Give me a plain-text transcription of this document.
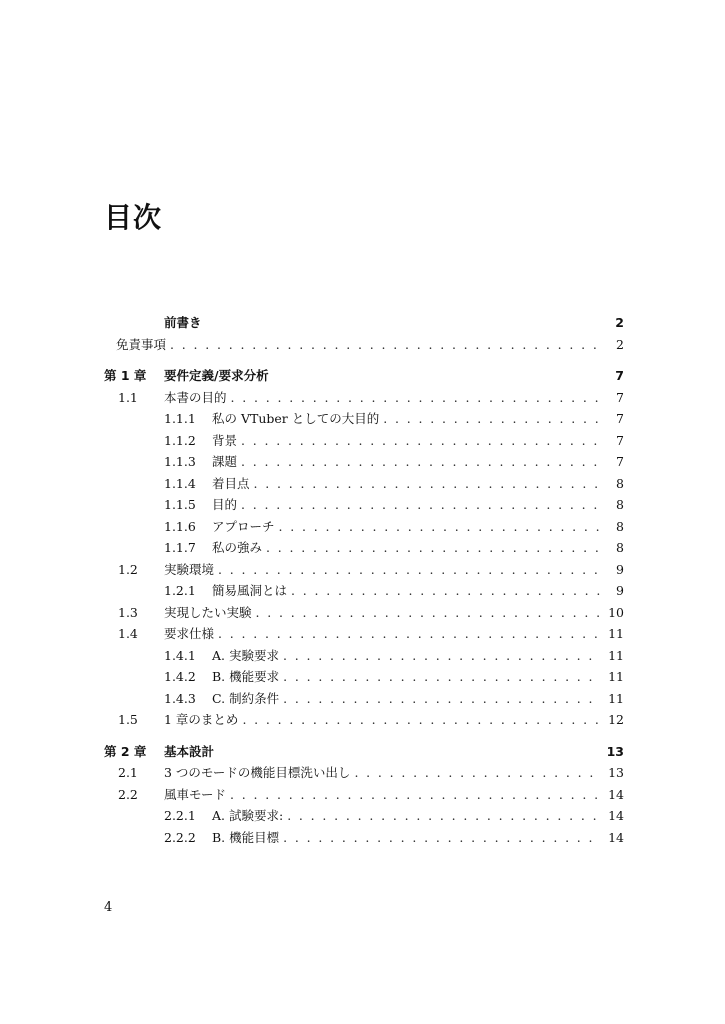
目次
前書き	2
免責事項 . . .	2
第 1 章	要件定義/要求分析	7
1.1	本書の目的 . . .	7
1.1.1	私の VTuber としての大目的 . . .	7
1.1.2	背景 . . .	7
1.1.3	課題 . . .	7
1.1.4	着目点 . . .	8
1.1.5	目的 . . .	8
1.1.6	アプローチ . . .	8
1.1.7	私の強み . . .	8
1.2	実験環境 . . .	9
1.2.1	簡易風洞とは . . .	9
1.3	実現したい実験 . . .	10
1.4	要求仕様 . . .	11
1.4.1	A. 実験要求 . . .	11
1.4.2	B. 機能要求 . . .	11
1.4.3	C. 制約条件 . . .	11
1.5	1 章のまとめ . . .	12
第 2 章	基本設計	13
2.1	3 つのモードの機能目標洗い出し . . .	13
2.2	風車モード . . .	14
2.2.1	A. 試験要求: . . .	14
2.2.2	B. 機能目標 . . .	14
4
